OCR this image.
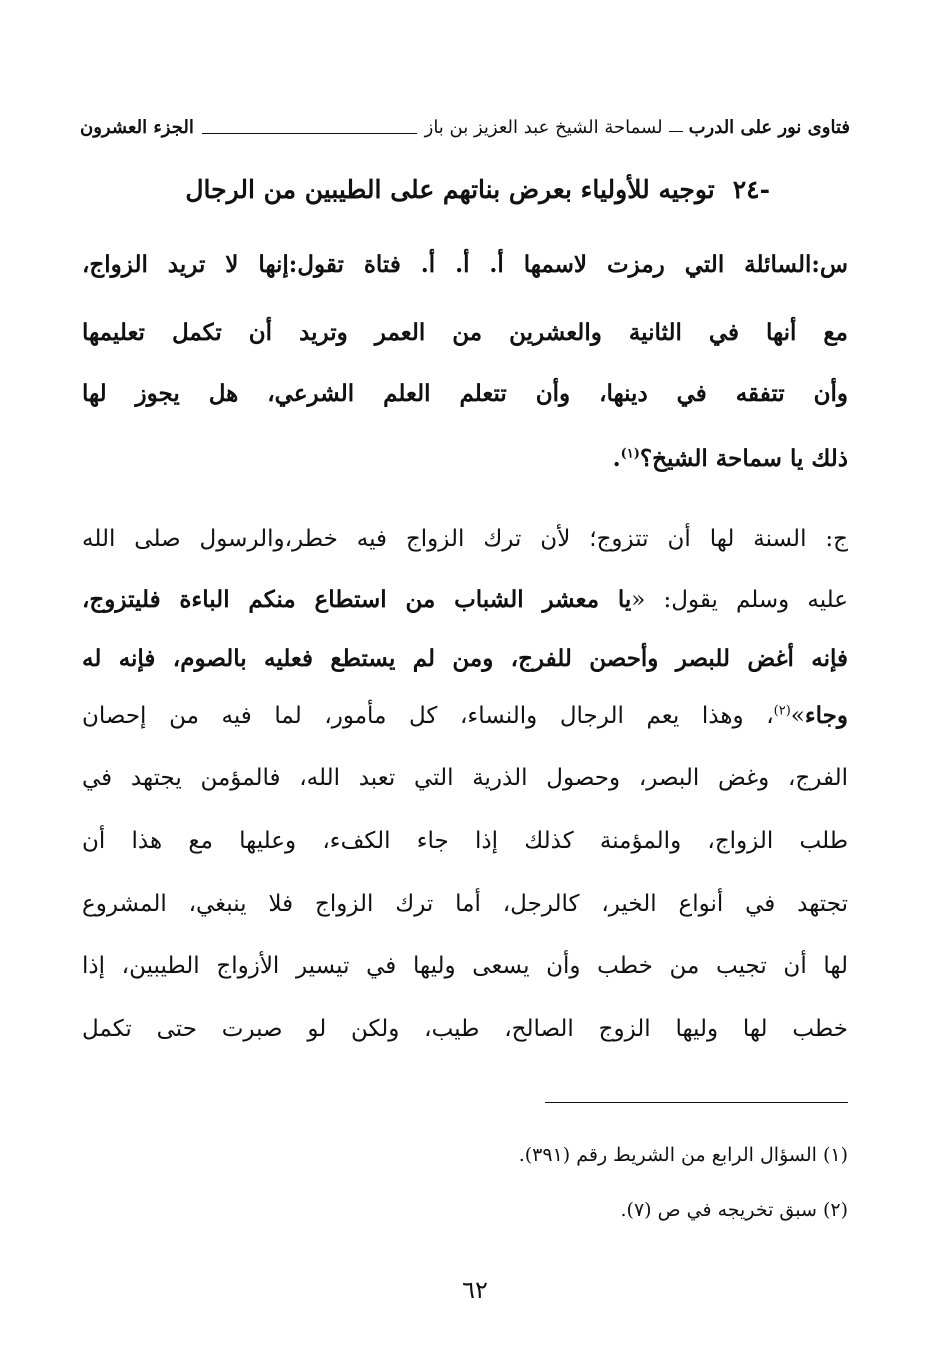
فتاوى نور على الدرب
لسماحة الشيخ عبد العزيز بن باز
الجزء العشرون
-٢٤توجيه للأولياء بعرض بناتهم على الطيبين من الرجال
س:السائلة التي رمزت لاسمها أ. أ. أ. فتاة تقول:إنها لا تريد الزواج،
مع أنها في الثانية والعشرين من العمر وتريد أن تكمل تعليمها
وأن تتفقه في دينها، وأن تتعلم العلم الشرعي، هل يجوز لها
ذلك يا سماحة الشيخ؟$^{(١)}$.
ج: السنة لها أن تتزوج؛ لأن ترك الزواج فيه خطر،والرسول صلى الله
عليه وسلم يقول: «يا معشر الشباب من استطاع منكم الباءة فليتزوج،
فإنه أغض للبصر وأحصن للفرج، ومن لم يستطع فعليه بالصوم، فإنه له
وجاء»$^{(٢)}$، وهذا يعم الرجال والنساء، كل مأمور، لما فيه من إحصان
الفرج، وغض البصر، وحصول الذرية التي تعبد الله، فالمؤمن يجتهد في
طلب الزواج، والمؤمنة كذلك إذا جاء الكفء، وعليها مع هذا أن
تجتهد في أنواع الخير، كالرجل، أما ترك الزواج فلا ينبغي، المشروع
لها أن تجيب من خطب وأن يسعى وليها في تيسير الأزواج الطيبين، إذا
خطب لها وليها الزوج الصالح، طيب، ولكن لو صبرت حتى تكمل
(١) السؤال الرابع من الشريط رقم (٣٩١).
(٢) سبق تخريجه في ص (٧).
٦٢
